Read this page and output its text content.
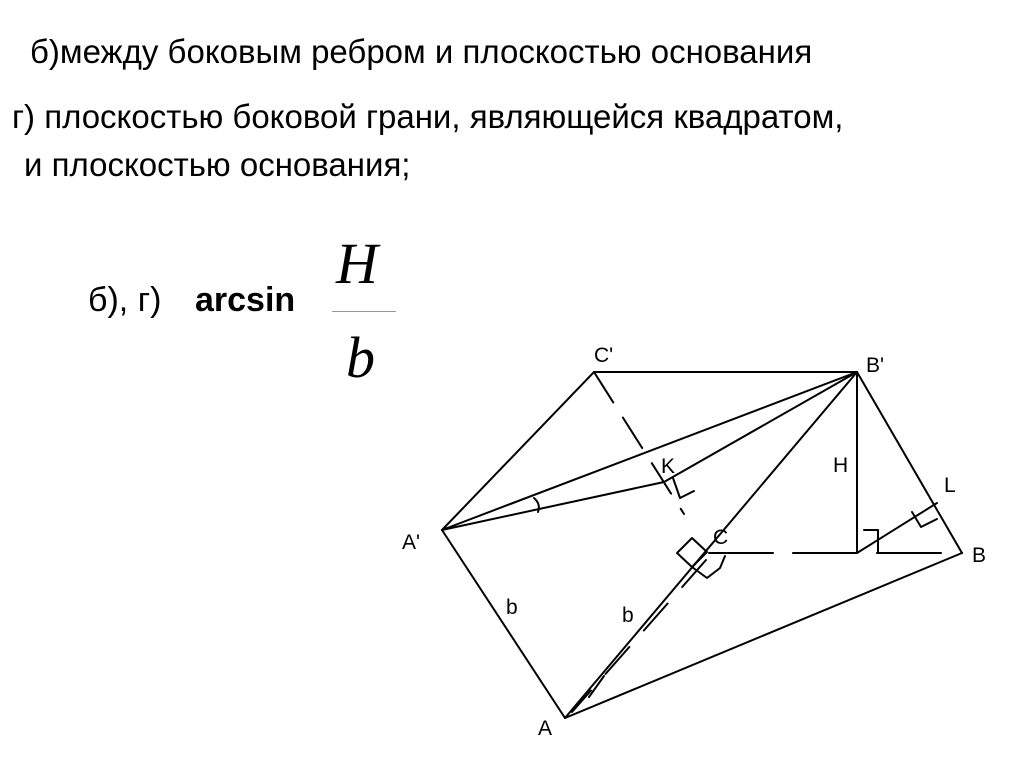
б)между боковым ребром и плоскостью основания
г) плоскостью боковой грани, являющейся квадратом,
и плоскостью основания;
б), г) arcsin
H
b	C'	B'
A'
A
B
C
K
L
H
b	b
